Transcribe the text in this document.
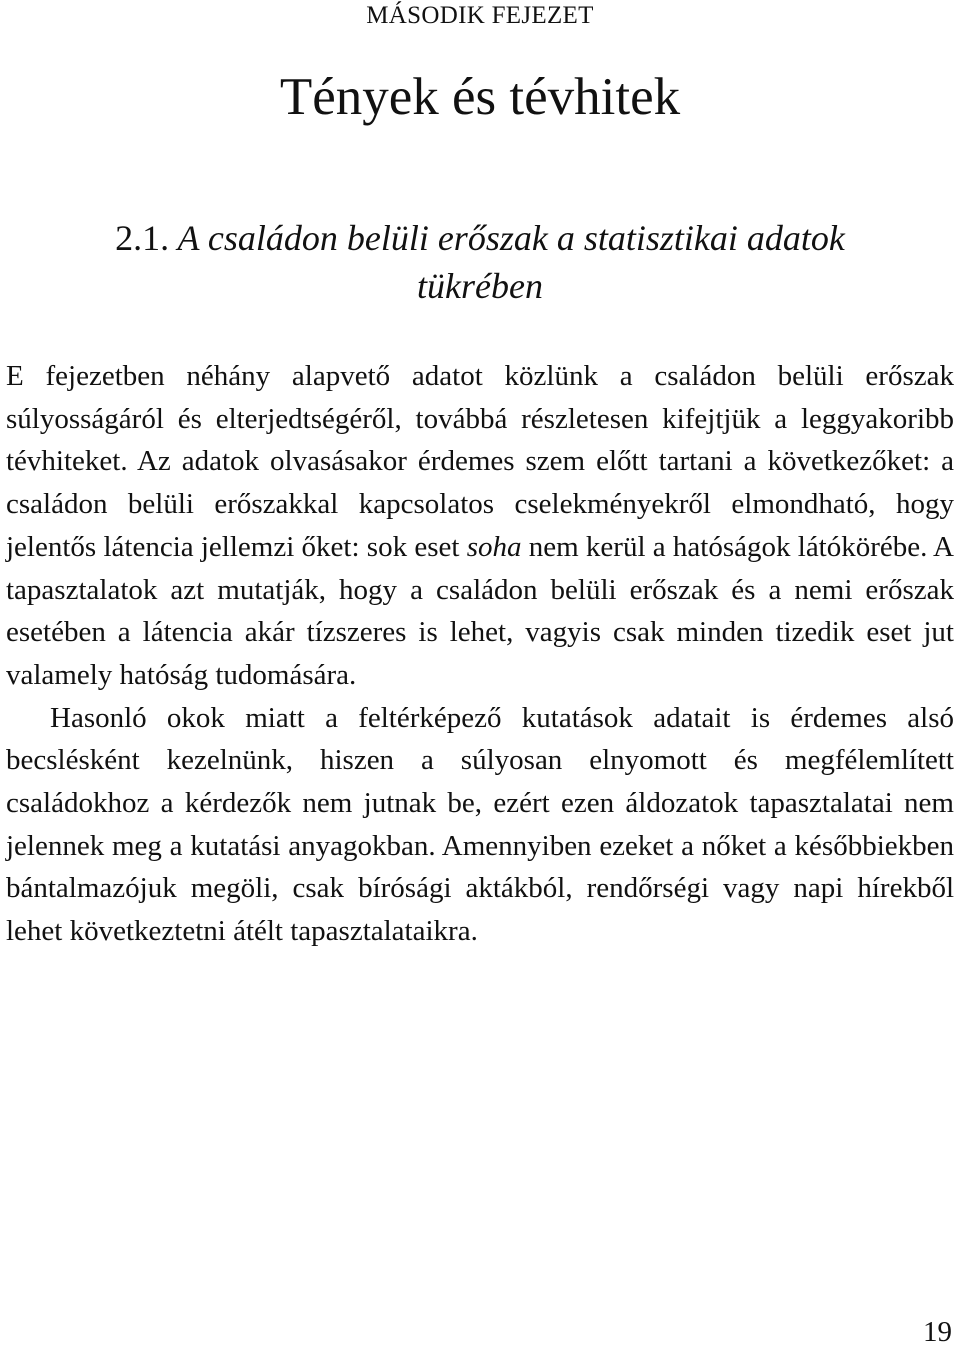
MÁSODIK FEJEZET
Tények és tévhitek
2.1. A családon belüli erőszak a statisztikai adatok tükrében

E fejezetben néhány alapvető adatot közlünk a családon belüli erőszak súlyosságáról és elterjedtségéről, továbbá részletesen kifejtjük a leggyakoribb tévhiteket. Az adatok olvasásakor érdemes szem előtt tartani a következőket: a családon belüli erőszakkal kapcsolatos cselekményekről elmondható, hogy jelentős látencia jellemzi őket: sok eset soha nem kerül a hatóságok látókörébe. A tapasztalatok azt mutatják, hogy a családon belüli erőszak és a nemi erőszak esetében a látencia akár tízszeres is lehet, vagyis csak minden tizedik eset jut valamely hatóság tudomására.

Hasonló okok miatt a feltérképező kutatások adatait is érdemes alsó becslésként kezelnünk, hiszen a súlyosan elnyomott és megfélemlített családokhoz a kérdezők nem jutnak be, ezért ezen áldozatok tapasztalatai nem jelennek meg a kutatási anyagokban. Amennyiben ezeket a nőket a későbbiekben bántalmazójuk megöli, csak bírósági aktákból, rendőrségi vagy napi hírekből lehet következtetni átélt tapasztalataikra.

19
